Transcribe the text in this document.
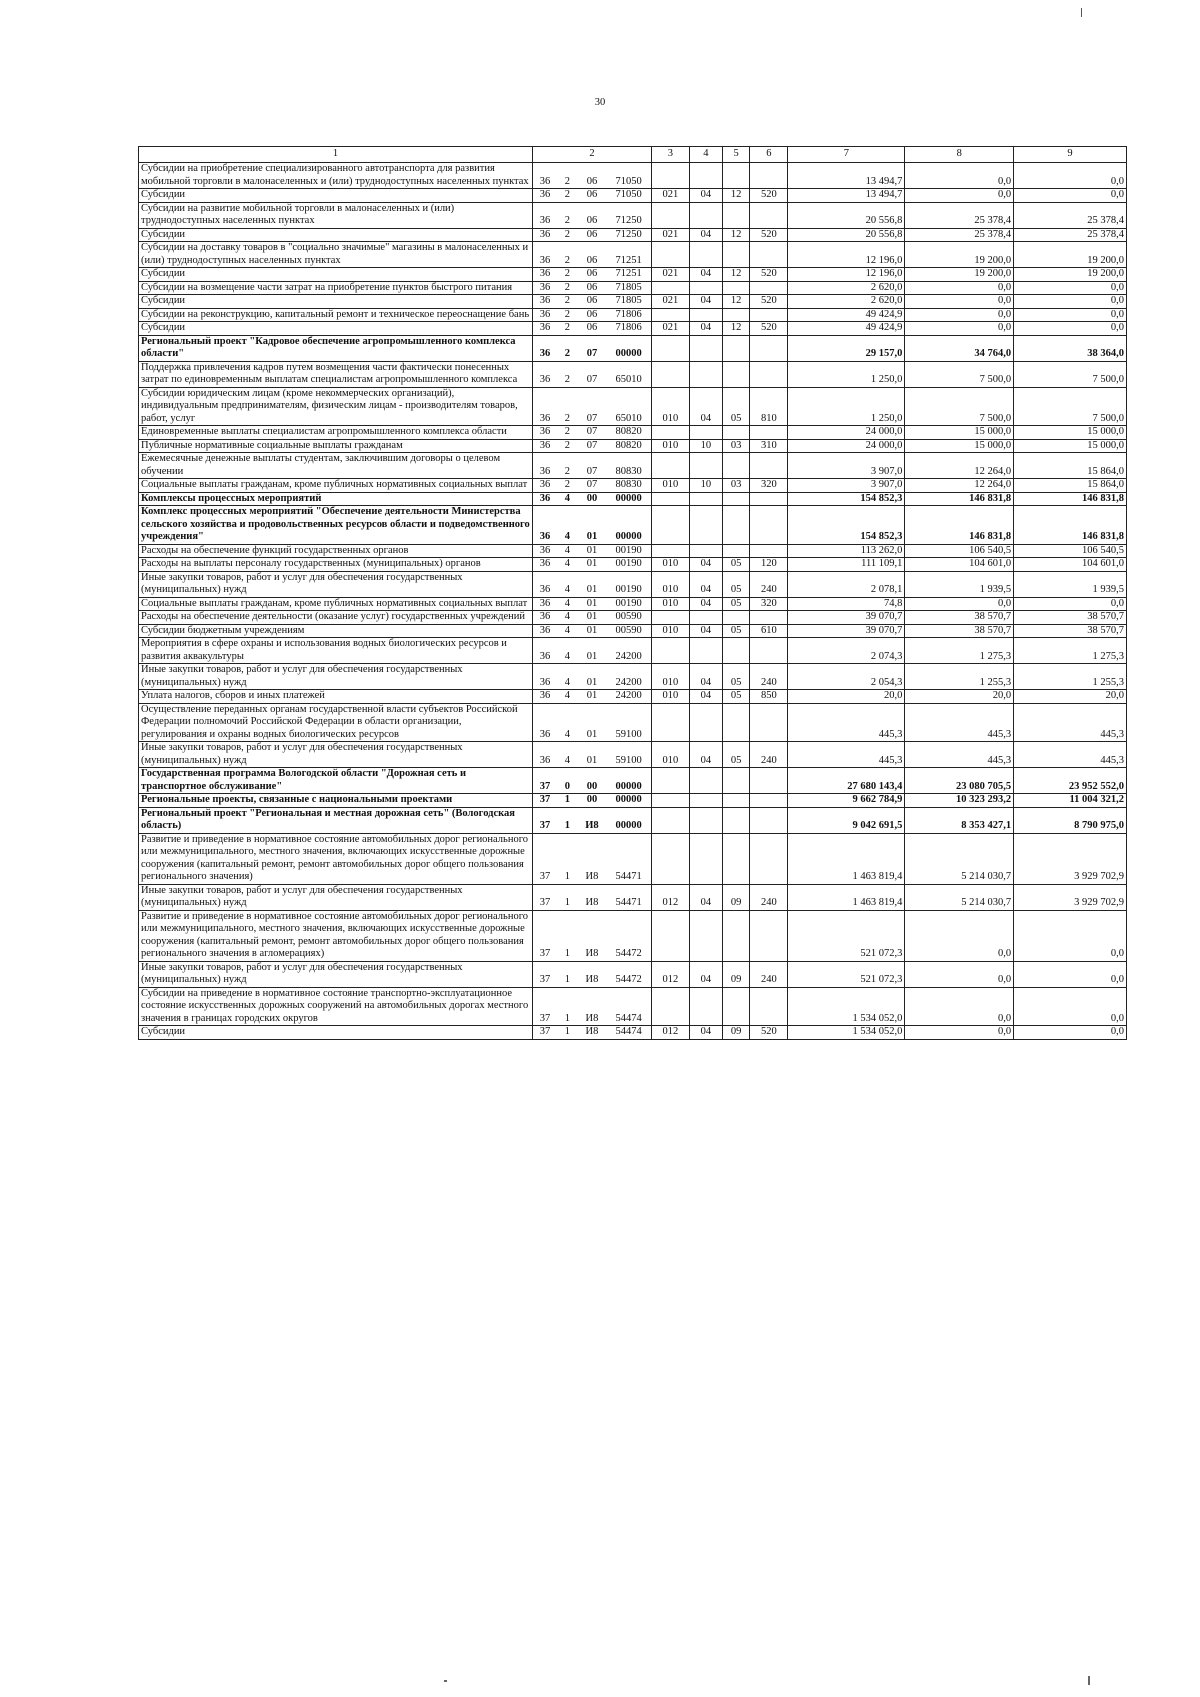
30
1	2				3	4	5	6	7	8	9
Субсидии на приобретение специализированного автотранспорта для развития мобильной торговли в малонаселенных и (или) труднодоступных населенных пунктах	36	2	06	71050					13 494,7	0,0	0,0
Субсидии	36	2	06	71050	021	04	12	520	13 494,7	0,0	0,0
Субсидии на развитие мобильной торговли в малонаселенных и (или) труднодоступных населенных пунктах	36	2	06	71250					20 556,8	25 378,4	25 378,4
Субсидии	36	2	06	71250	021	04	12	520	20 556,8	25 378,4	25 378,4
Субсидии на доставку товаров в "социально значимые" магазины в малонаселенных и (или) труднодоступных населенных пунктах	36	2	06	71251					12 196,0	19 200,0	19 200,0
Субсидии	36	2	06	71251	021	04	12	520	12 196,0	19 200,0	19 200,0
Субсидии на возмещение части затрат на приобретение пунктов быстрого питания	36	2	06	71805					2 620,0	0,0	0,0
Субсидии	36	2	06	71805	021	04	12	520	2 620,0	0,0	0,0
Субсидии на реконструкцию, капитальный ремонт и техническое переоснащение бань	36	2	06	71806					49 424,9	0,0	0,0
Субсидии	36	2	06	71806	021	04	12	520	49 424,9	0,0	0,0
Региональный проект "Кадровое обеспечение агропромышленного комплекса области"	36	2	07	00000					29 157,0	34 764,0	38 364,0
Поддержка привлечения кадров путем возмещения части фактически понесенных затрат по единовременным выплатам специалистам агропромышленного комплекса	36	2	07	65010					1 250,0	7 500,0	7 500,0
Субсидии юридическим лицам (кроме некоммерческих организаций), индивидуальным предпринимателям, физическим лицам - производителям товаров, работ, услуг	36	2	07	65010	010	04	05	810	1 250,0	7 500,0	7 500,0
Единовременные выплаты специалистам агропромышленного комплекса области	36	2	07	80820					24 000,0	15 000,0	15 000,0
Публичные нормативные социальные выплаты гражданам	36	2	07	80820	010	10	03	310	24 000,0	15 000,0	15 000,0
Ежемесячные денежные выплаты студентам, заключившим договоры о целевом обучении	36	2	07	80830					3 907,0	12 264,0	15 864,0
Социальные выплаты гражданам, кроме публичных нормативных социальных выплат	36	2	07	80830	010	10	03	320	3 907,0	12 264,0	15 864,0
Комплексы процессных мероприятий	36	4	00	00000					154 852,3	146 831,8	146 831,8
Комплекс процессных мероприятий "Обеспечение деятельности Министерства сельского хозяйства и продовольственных ресурсов области и подведомственного учреждения"	36	4	01	00000					154 852,3	146 831,8	146 831,8
Расходы на обеспечение функций государственных органов	36	4	01	00190					113 262,0	106 540,5	106 540,5
Расходы на выплаты персоналу государственных (муниципальных) органов	36	4	01	00190	010	04	05	120	111 109,1	104 601,0	104 601,0
Иные закупки товаров, работ и услуг для обеспечения государственных (муниципальных) нужд	36	4	01	00190	010	04	05	240	2 078,1	1 939,5	1 939,5
Социальные выплаты гражданам, кроме публичных нормативных социальных выплат	36	4	01	00190	010	04	05	320	74,8	0,0	0,0
Расходы на обеспечение деятельности (оказание услуг) государственных учреждений	36	4	01	00590					39 070,7	38 570,7	38 570,7
Субсидии бюджетным учреждениям	36	4	01	00590	010	04	05	610	39 070,7	38 570,7	38 570,7
Мероприятия в сфере охраны и использования водных биологических ресурсов и развития аквакультуры	36	4	01	24200					2 074,3	1 275,3	1 275,3
Иные закупки товаров, работ и услуг для обеспечения государственных (муниципальных) нужд	36	4	01	24200	010	04	05	240	2 054,3	1 255,3	1 255,3
Уплата налогов, сборов и иных платежей	36	4	01	24200	010	04	05	850	20,0	20,0	20,0
Осуществление переданных органам государственной власти субъектов Российской Федерации полномочий Российской Федерации в области организации, регулирования и охраны водных биологических ресурсов	36	4	01	59100					445,3	445,3	445,3
Иные закупки товаров, работ и услуг для обеспечения государственных (муниципальных) нужд	36	4	01	59100	010	04	05	240	445,3	445,3	445,3
Государственная программа Вологодской области "Дорожная сеть и транспортное обслуживание"	37	0	00	00000					27 680 143,4	23 080 705,5	23 952 552,0
Региональные проекты, связанные с национальными проектами	37	1	00	00000					9 662 784,9	10 323 293,2	11 004 321,2
Региональный проект "Региональная и местная дорожная сеть" (Вологодская область)	37	1	И8	00000					9 042 691,5	8 353 427,1	8 790 975,0
Развитие и приведение в нормативное состояние автомобильных дорог регионального или межмуниципального, местного значения, включающих искусственные дорожные сооружения (капитальный ремонт, ремонт автомобильных дорог общего пользования регионального значения)	37	1	И8	54471					1 463 819,4	5 214 030,7	3 929 702,9
Иные закупки товаров, работ и услуг для обеспечения государственных (муниципальных) нужд	37	1	И8	54471	012	04	09	240	1 463 819,4	5 214 030,7	3 929 702,9
Развитие и приведение в нормативное состояние автомобильных дорог регионального или межмуниципального, местного значения, включающих искусственные дорожные сооружения (капитальный ремонт, ремонт автомобильных дорог общего пользования регионального значения в агломерациях)	37	1	И8	54472					521 072,3	0,0	0,0
Иные закупки товаров, работ и услуг для обеспечения государственных (муниципальных) нужд	37	1	И8	54472	012	04	09	240	521 072,3	0,0	0,0
Субсидии на приведение в нормативное состояние транспортно-эксплуатационное состояние искусственных дорожных сооружений на автомобильных дорогах местного значения в границах городских округов	37	1	И8	54474					1 534 052,0	0,0	0,0
Субсидии	37	1	И8	54474	012	04	09	520	1 534 052,0	0,0	0,0
